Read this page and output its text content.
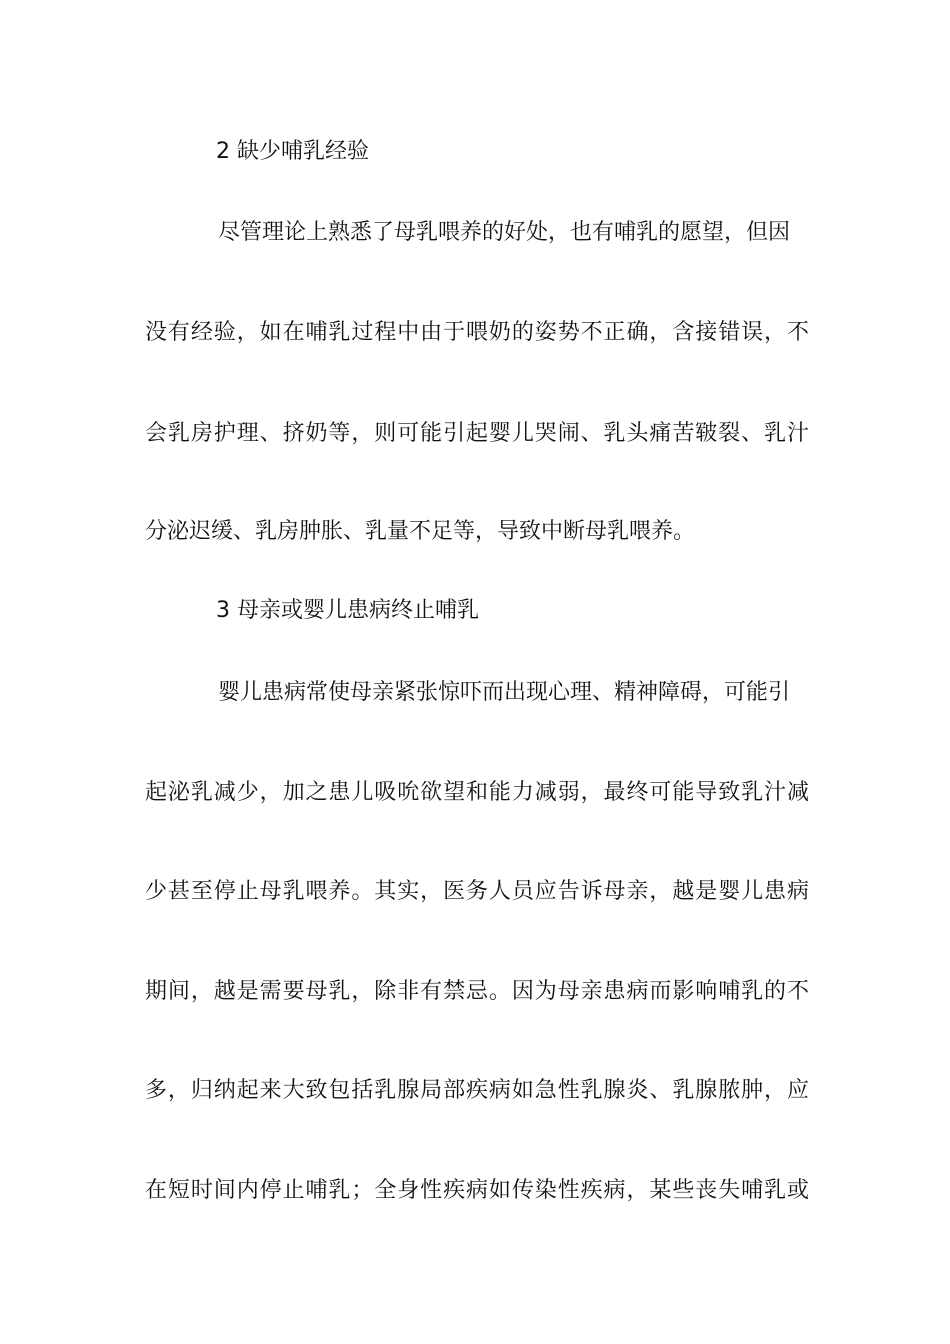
2 缺少哺乳经验
尽管理论上熟悉了母乳喂养的好处，也有哺乳的愿望，但因
没有经验，如在哺乳过程中由于喂奶的姿势不正确，含接错误，不
会乳房护理、挤奶等，则可能引起婴儿哭闹、乳头痛苦皲裂、乳汁
分泌迟缓、乳房肿胀、乳量不足等，导致中断母乳喂养。
3 母亲或婴儿患病终止哺乳
婴儿患病常使母亲紧张惊吓而出现心理、精神障碍，可能引
起泌乳减少，加之患儿吸吮欲望和能力减弱，最终可能导致乳汁减
少甚至停止母乳喂养。其实，医务人员应告诉母亲，越是婴儿患病
期间，越是需要母乳，除非有禁忌。因为母亲患病而影响哺乳的不
多，归纳起来大致包括乳腺局部疾病如急性乳腺炎、乳腺脓肿，应
在短时间内停止哺乳；全身性疾病如传染性疾病，某些丧失哺乳或
